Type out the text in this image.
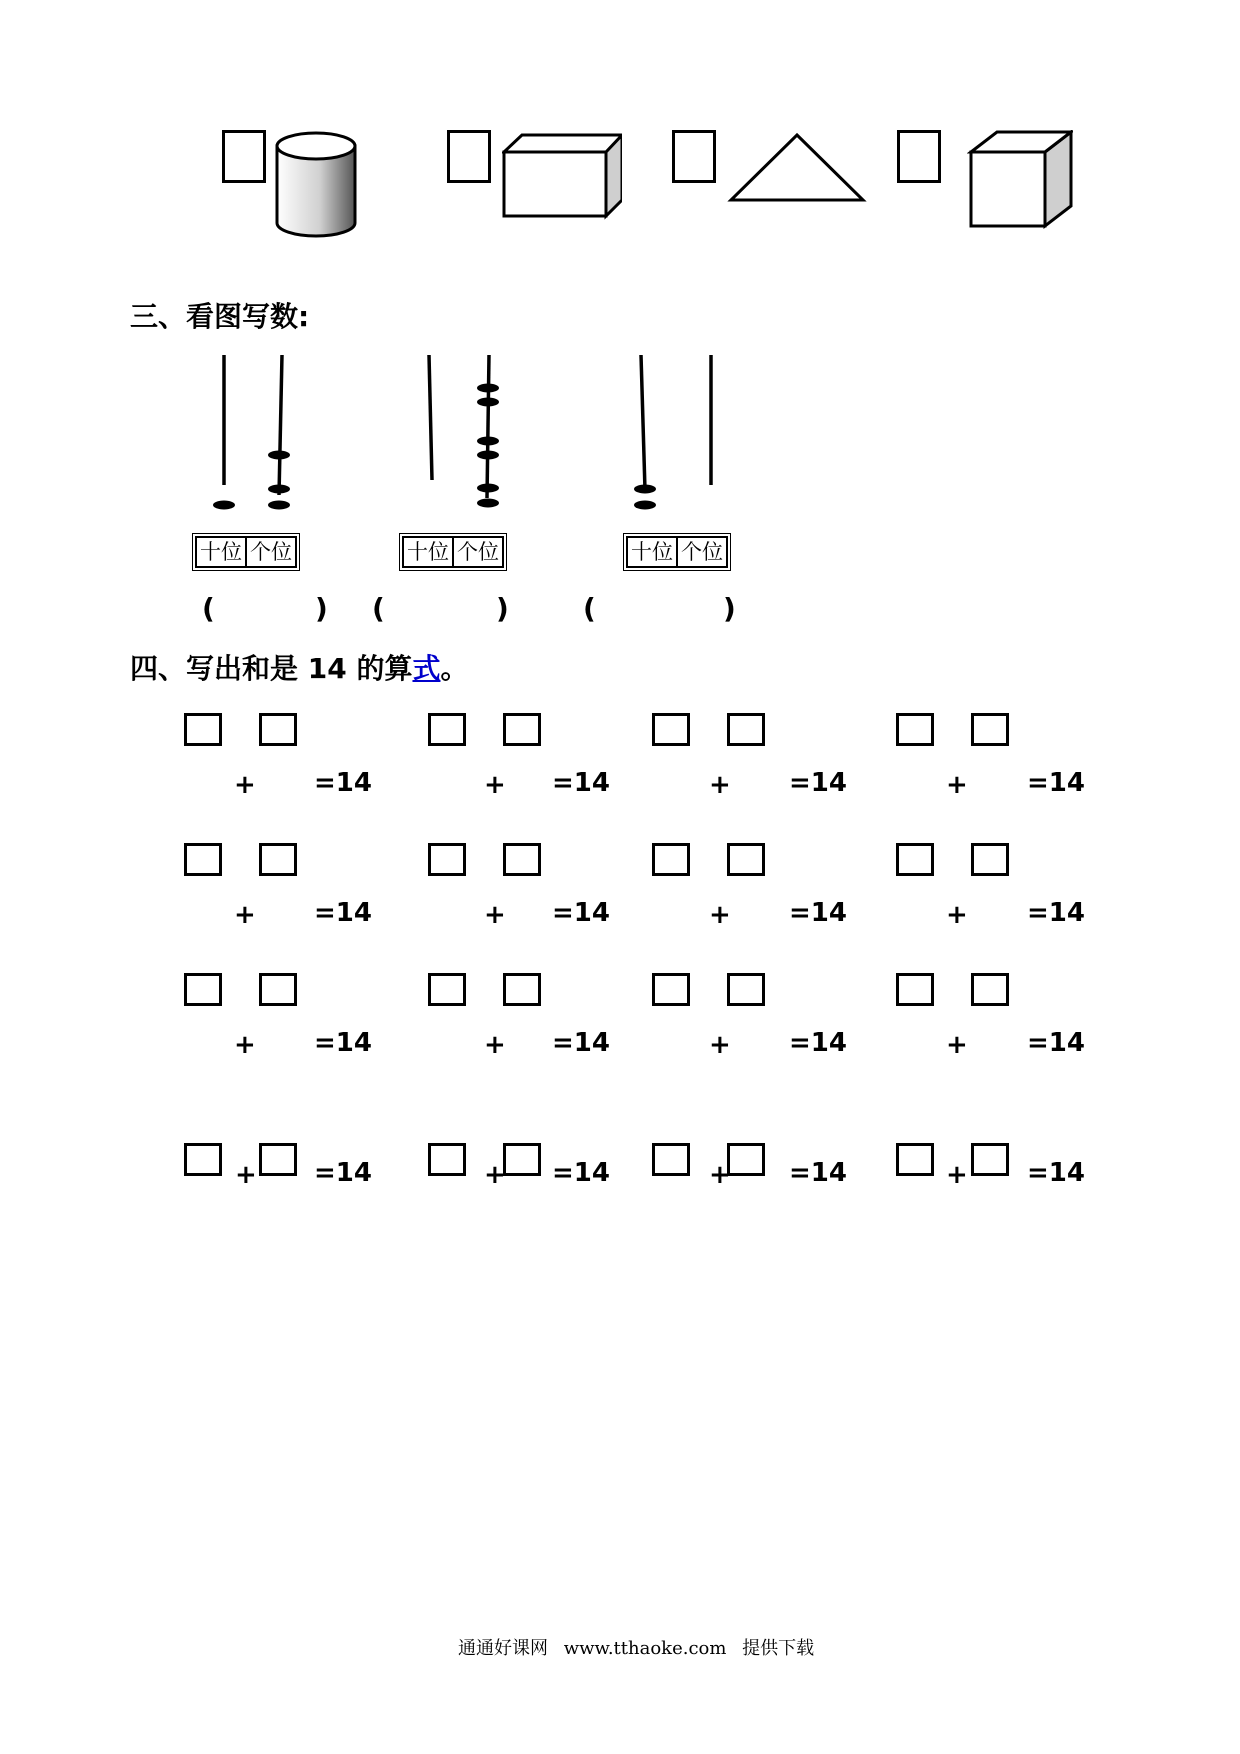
三、看图写数:
十位	个位	十位	个位	十位	个位
(	) (	)	(	)
四、写出和是 14 的算式。
+ =14	+ =14	+ =14	+ =14
+ =14	+ =14	+ =14	+ =14
+ =14	+ =14	+ =14	+ =14
+ =14	+ =14	+ =14	+ =14
通通好课网 www.tthaoke.com 提供下载
